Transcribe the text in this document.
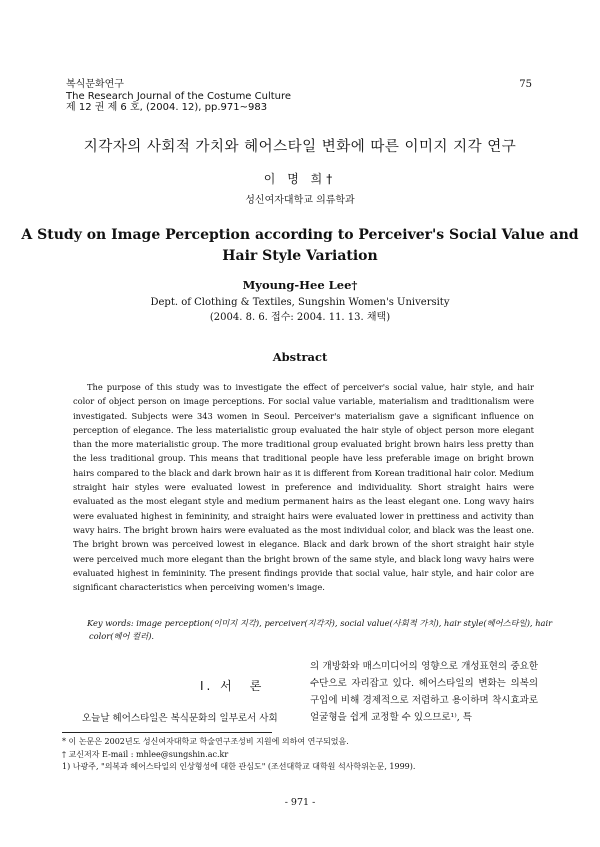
복식문화연구
The Research Journal of the Costume Culture
제 12 권 제 6 호, (2004. 12), pp.971~983
75
지각자의 사회적 가치와 헤어스타일 변화에 따른 이미지 지각 연구
이 명 희†
성신여자대학교 의류학과
A Study on Image Perception according to Perceiver's Social Value and
Hair Style Variation
Myoung-Hee Lee†
Dept. of Clothing & Textiles, Sungshin Women's University
(2004. 8. 6. 접수: 2004. 11. 13. 채택)
Abstract
The purpose of this study was to investigate the effect of perceiver's social value, hair style, and hair color of object person on image perceptions. For social value variable, materialism and traditionalism were investigated. Subjects were 343 women in Seoul. Perceiver's materialism gave a significant influence on perception of elegance. The less materialistic group evaluated the hair style of object person more elegant than the more materialistic group. The more traditional group evaluated bright brown hairs less pretty than the less traditional group. This means that traditional people have less preferable image on bright brown hairs compared to the black and dark brown hair as it is different from Korean traditional hair color. Medium straight hair styles were evaluated lowest in preference and individuality. Short straight hairs were evaluated as the most elegant style and medium permanent hairs as the least elegant one. Long wavy hairs were evaluated highest in femininity, and straight hairs were evaluated lower in prettiness and activity than wavy hairs. The bright brown hairs were evaluated as the most individual color, and black was the least one. The bright brown was perceived lowest in elegance. Black and dark brown of the short straight hair style were perceived much more elegant than the bright brown of the same style, and black long wavy hairs were evaluated highest in femininity. The present findings provide that social value, hair style, and hair color are significant characteristics when perceiving women's image.
Key words: image perception(이미지 지각), perceiver(지각자), social value(사회적 가치), hair style(헤어스타일), hair color(헤어 컬러).
I. 서　론
오늘날 헤어스타일은 복식문화의 일부로서 사회
의 개방화와 매스미디어의 영향으로 개성표현의 중요한 수단으로 자리잡고 있다. 헤어스타일의 변화는 의복의 구입에 비해 경제적으로 저렴하고 용이하며 착시효과로 얼굴형을 쉽게 교정할 수 있으므로¹⁾, 특
* 이 논문은 2002년도 성신여자대학교 학술연구조성비 지원에 의하여 연구되었음.
† 교신저자 E-mail : mhlee@sungshin.ac.kr
1) 나광주, "의복과 헤어스타일의 인상형성에 대한 관심도" (조선대학교 대학원 석사학위논문, 1999).
- 971 -
